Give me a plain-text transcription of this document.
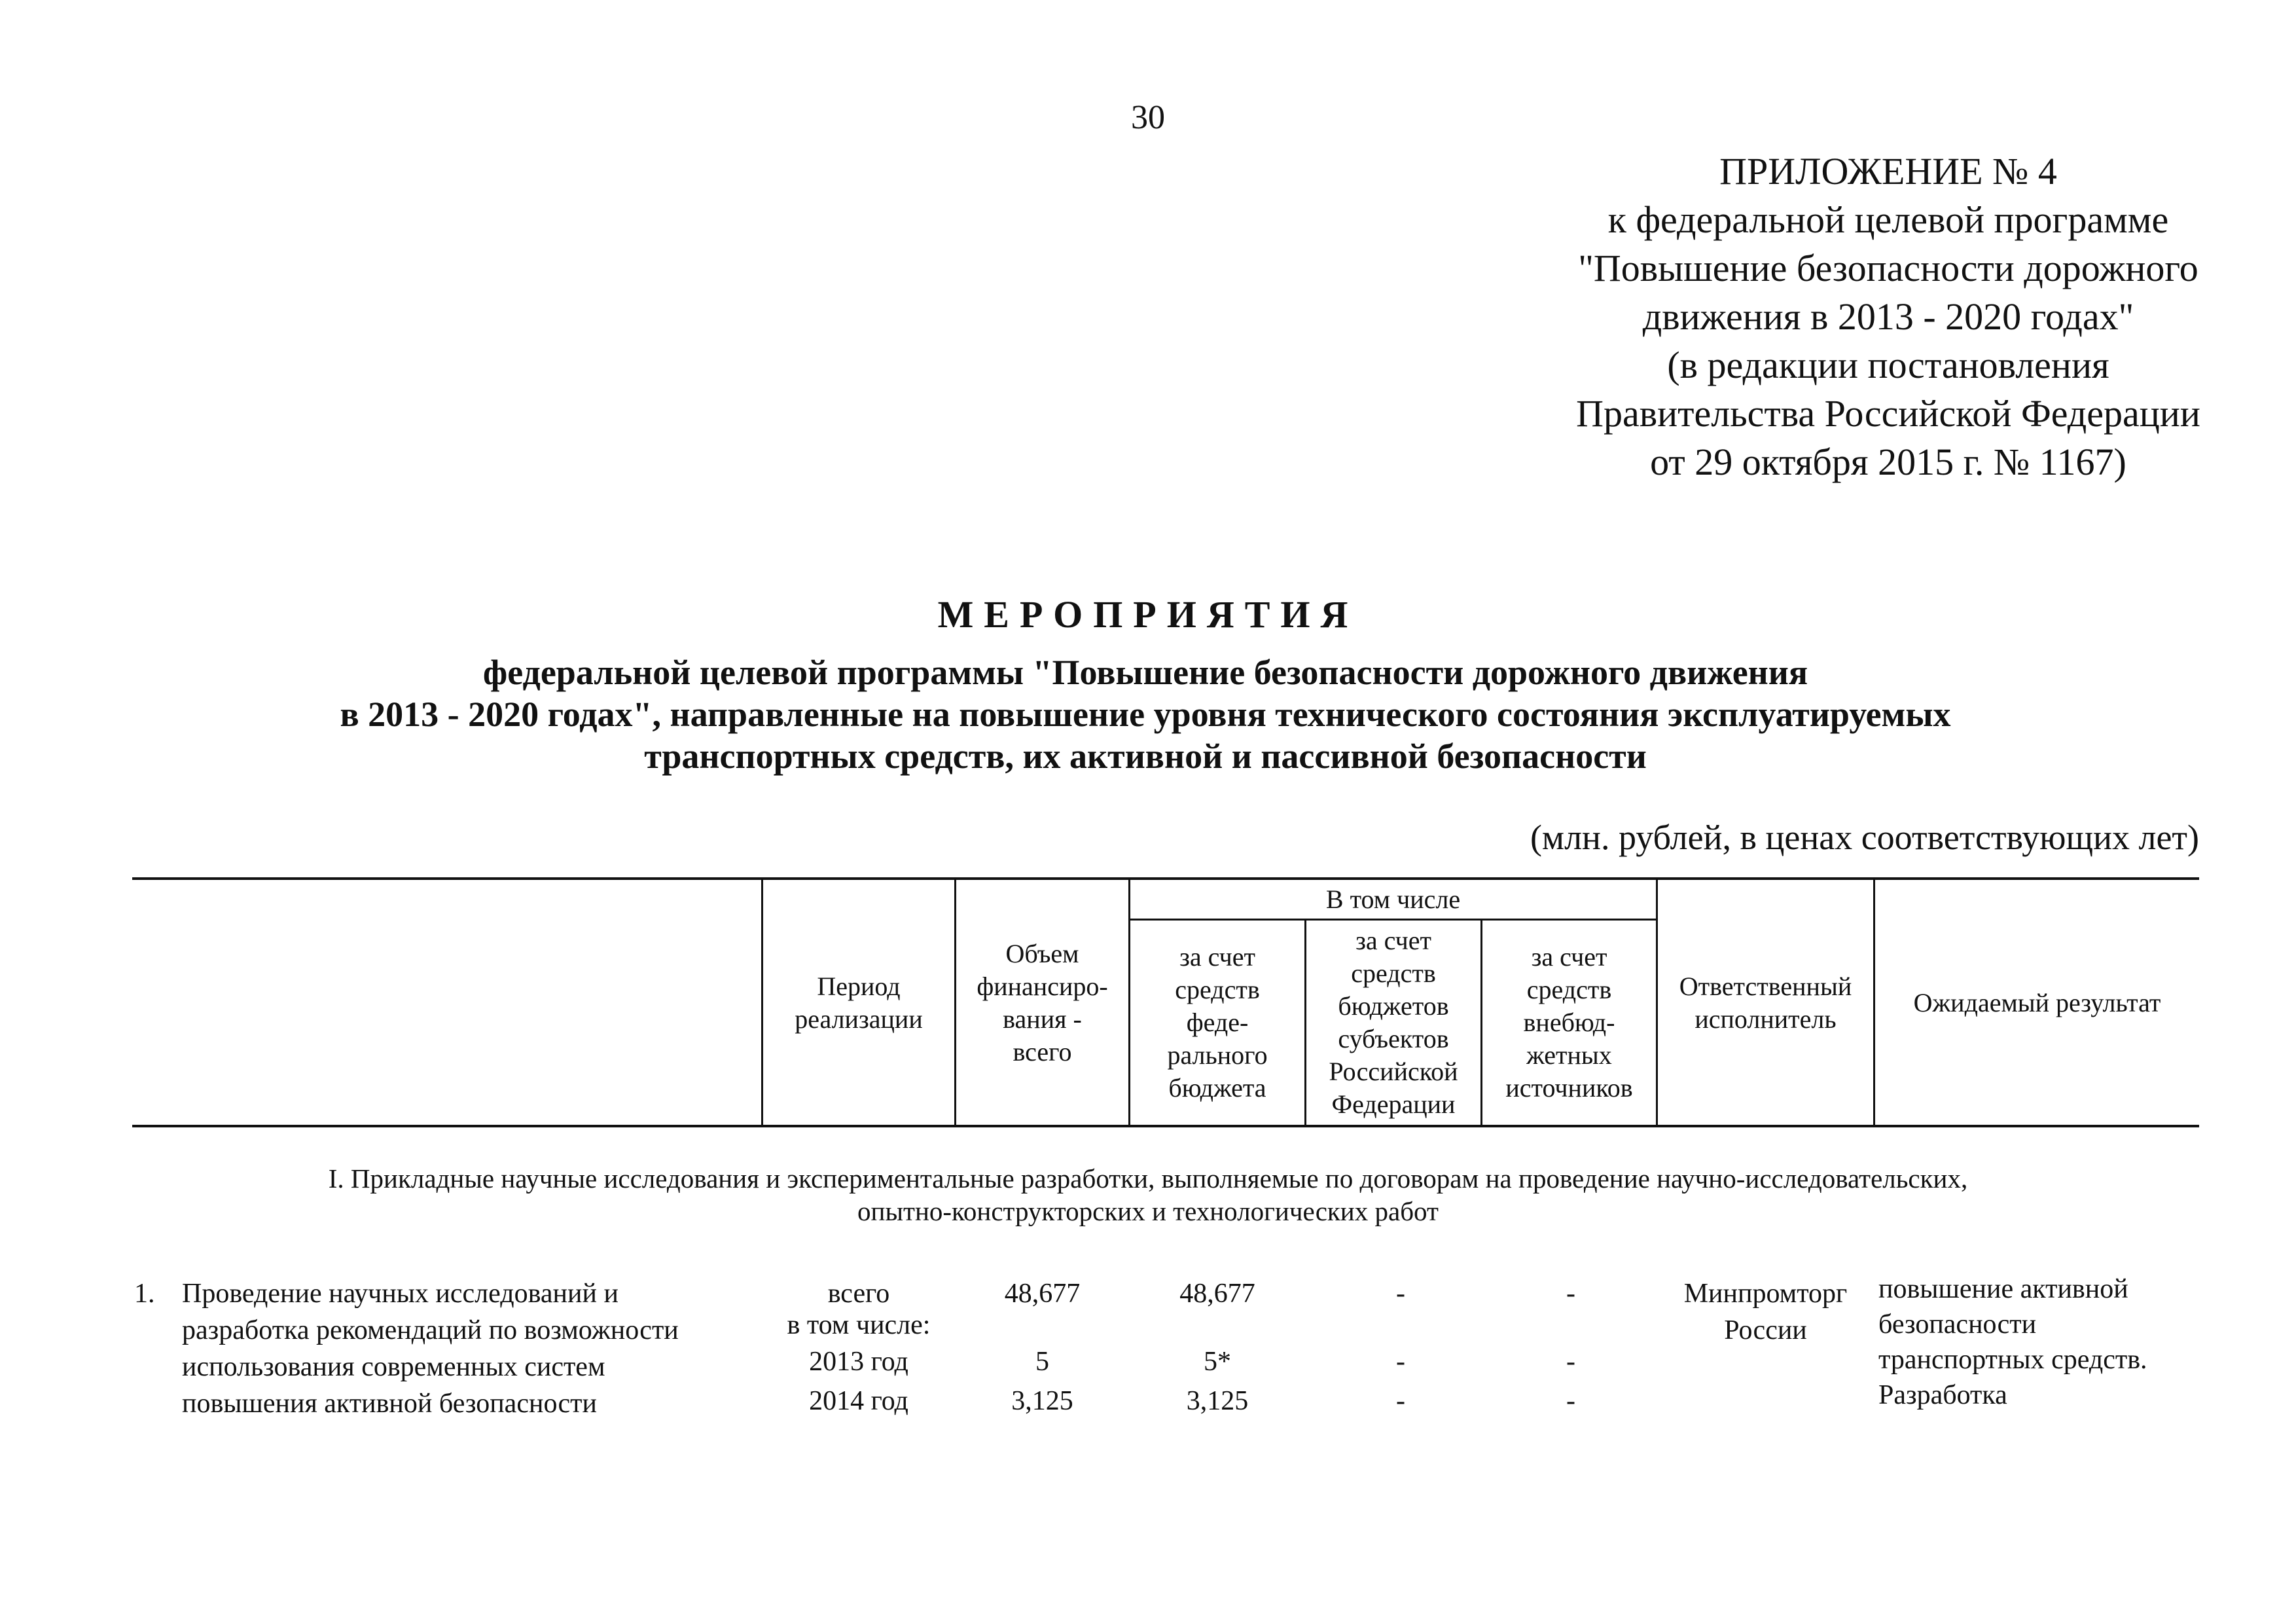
30
ПРИЛОЖЕНИЕ № 4
к федеральной целевой программе
"Повышение безопасности дорожного
движения в 2013 - 2020 годах"
(в редакции постановления
Правительства Российской Федерации
от 29 октября 2015 г. № 1167)
МЕРОПРИЯТИЯ
федеральной целевой программы "Повышение безопасности дорожного движения
в 2013 - 2020 годах", направленные на повышение уровня технического состояния эксплуатируемых
транспортных средств, их активной и пассивной безопасности
(млн. рублей, в ценах соответствующих лет)
Период
реализации
Объем
финансиро-
вания -
всего
В том числе
за счет
средств
феде-
рального
бюджета
за счет
средств
бюджетов
субъектов
Российской
Федерации
за счет
средств
внебюд-
жетных
источников
Ответственный
исполнитель
Ожидаемый результат
I. Прикладные научные исследования и экспериментальные разработки, выполняемые по договорам на проведение научно-исследовательских,
опытно-конструкторских и технологических работ
1. Проведение научных исследований и
разработка рекомендаций по возможности
использования современных систем
повышения активной безопасности
всего
в том числе:
2013 год
2014 год
48,677
5
3,125
48,677
5*
3,125
-
-
-
-
-
-
Минпромторг
России
повышение активной
безопасности
транспортных средств.
Разработка
